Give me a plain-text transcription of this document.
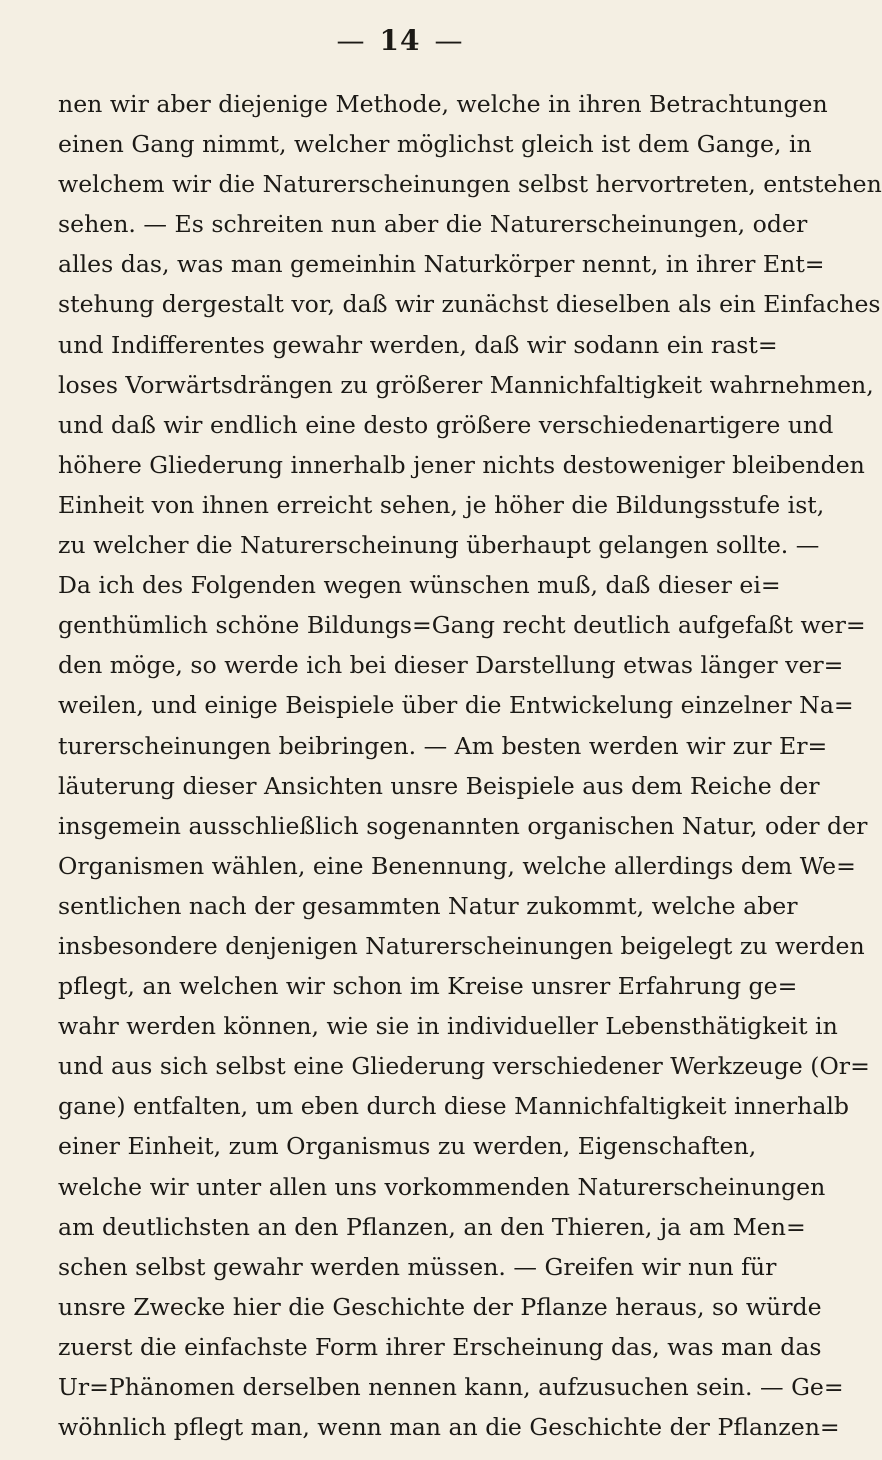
— 14 —
nen wir aber diejenige Methode, welche in ihren Betrachtungen
einen Gang nimmt, welcher möglichst gleich ist dem Gange, in
welchem wir die Naturerscheinungen selbst hervortreten, entstehen
sehen. — Es schreiten nun aber die Naturerscheinungen, oder
alles das, was man gemeinhin Naturkörper nennt, in ihrer Ent=
stehung dergestalt vor, daß wir zunächst dieselben als ein Einfaches
und Indifferentes gewahr werden, daß wir sodann ein rast=
loses Vorwärtsdrängen zu größerer Mannichfaltigkeit wahrnehmen,
und daß wir endlich eine desto größere verschiedenartigere und
höhere Gliederung innerhalb jener nichts destoweniger bleibenden
Einheit von ihnen erreicht sehen, je höher die Bildungsstufe ist,
zu welcher die Naturerscheinung überhaupt gelangen sollte. —
Da ich des Folgenden wegen wünschen muß, daß dieser ei=
genthümlich schöne Bildungs=Gang recht deutlich aufgefaßt wer=
den möge, so werde ich bei dieser Darstellung etwas länger ver=
weilen, und einige Beispiele über die Entwickelung einzelner Na=
turerscheinungen beibringen. — Am besten werden wir zur Er=
läuterung dieser Ansichten unsre Beispiele aus dem Reiche der
insgemein ausschließlich sogenannten organischen Natur, oder der
Organismen wählen, eine Benennung, welche allerdings dem We=
sentlichen nach der gesammten Natur zukommt, welche aber
insbesondere denjenigen Naturerscheinungen beigelegt zu werden
pflegt, an welchen wir schon im Kreise unsrer Erfahrung ge=
wahr werden können, wie sie in individueller Lebensthätigkeit in
und aus sich selbst eine Gliederung verschiedener Werkzeuge (Or=
gane) entfalten, um eben durch diese Mannichfaltigkeit innerhalb
einer Einheit, zum Organismus zu werden, Eigenschaften,
welche wir unter allen uns vorkommenden Naturerscheinungen
am deutlichsten an den Pflanzen, an den Thieren, ja am Men=
schen selbst gewahr werden müssen. — Greifen wir nun für
unsre Zwecke hier die Geschichte der Pflanze heraus, so würde
zuerst die einfachste Form ihrer Erscheinung das, was man das
Ur=Phänomen derselben nennen kann, aufzusuchen sein. — Ge=
wöhnlich pflegt man, wenn man an die Geschichte der Pflanzen=
